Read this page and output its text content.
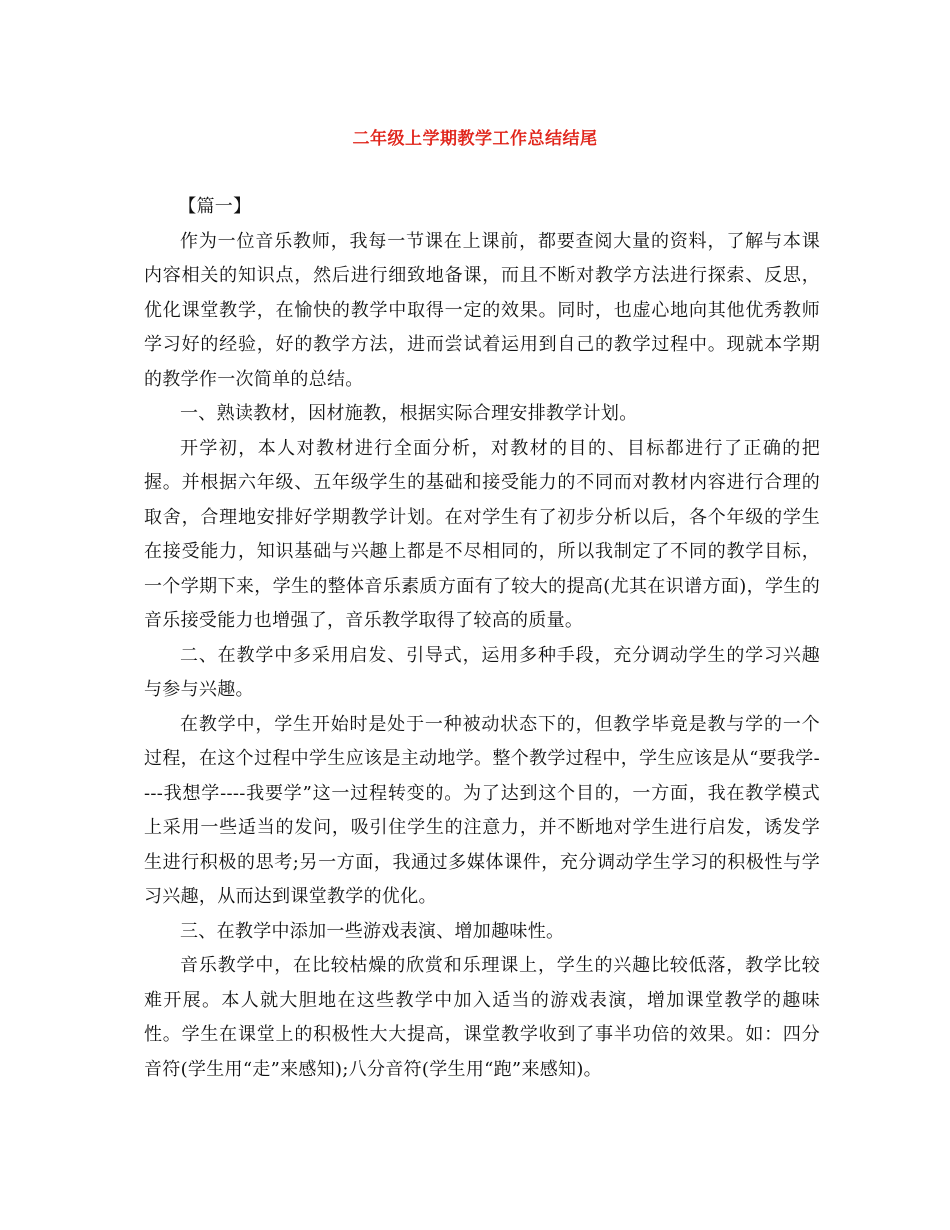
二年级上学期教学工作总结结尾

【篇一】

作为一位音乐教师，我每一节课在上课前，都要查阅大量的资料，了解与本课内容相关的知识点，然后进行细致地备课，而且不断对教学方法进行探索、反思，优化课堂教学，在愉快的教学中取得一定的效果。同时，也虚心地向其他优秀教师学习好的经验，好的教学方法，进而尝试着运用到自己的教学过程中。现就本学期的教学作一次简单的总结。

一、熟读教材，因材施教，根据实际合理安排教学计划。

开学初，本人对教材进行全面分析，对教材的目的、目标都进行了正确的把握。并根据六年级、五年级学生的基础和接受能力的不同而对教材内容进行合理的取舍，合理地安排好学期教学计划。在对学生有了初步分析以后，各个年级的学生在接受能力，知识基础与兴趣上都是不尽相同的，所以我制定了不同的教学目标，一个学期下来，学生的整体音乐素质方面有了较大的提高(尤其在识谱方面)，学生的音乐接受能力也增强了，音乐教学取得了较高的质量。

二、在教学中多采用启发、引导式，运用多种手段，充分调动学生的学习兴趣与参与兴趣。

在教学中，学生开始时是处于一种被动状态下的，但教学毕竟是教与学的一个过程，在这个过程中学生应该是主动地学。整个教学过程中，学生应该是从“要我学----我想学----我要学”这一过程转变的。为了达到这个目的，一方面，我在教学模式上采用一些适当的发问，吸引住学生的注意力，并不断地对学生进行启发，诱发学生进行积极的思考;另一方面，我通过多媒体课件，充分调动学生学习的积极性与学习兴趣，从而达到课堂教学的优化。

三、在教学中添加一些游戏表演、增加趣味性。

音乐教学中，在比较枯燥的欣赏和乐理课上，学生的兴趣比较低落，教学比较难开展。本人就大胆地在这些教学中加入适当的游戏表演，增加课堂教学的趣味性。学生在课堂上的积极性大大提高，课堂教学收到了事半功倍的效果。如：四分音符(学生用“走”来感知);八分音符(学生用“跑”来感知)。
